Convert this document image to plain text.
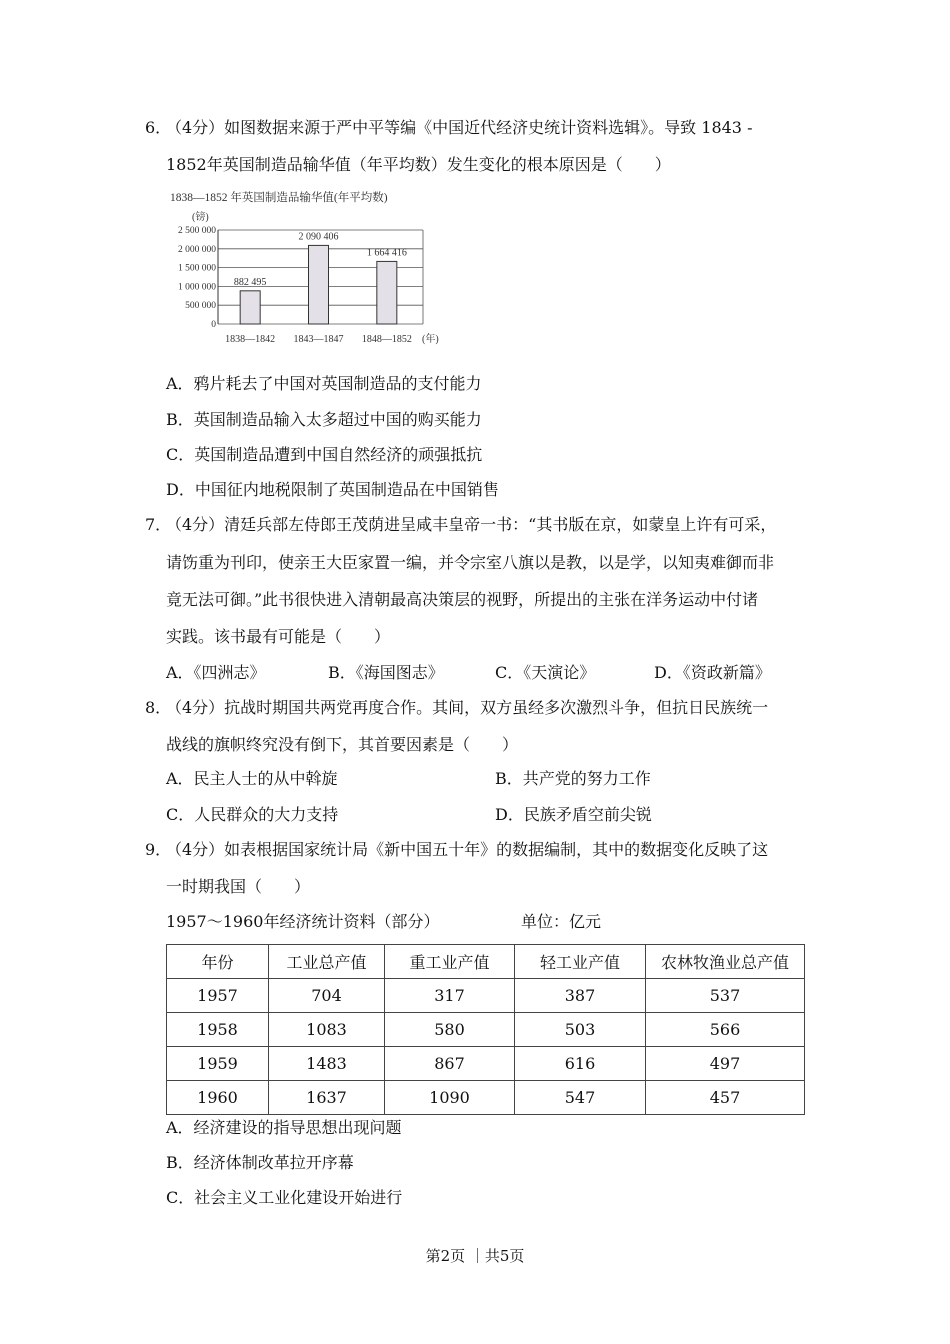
6．
（4分）如图数据来源于严中平等编《中国近代经济史统计资料选辑》。导致 1843 -
1852年英国制造品输华值（年平均数）发生变化的根本原因是（　　）
1838—1852 年英国制造品输华值(年平均数)
(镑)
0
500 000
1 000 000
1 500 000
2 000 000
2 500 000
882 495
1838—1842
2 090 406
1843—1847
1 664 416
1848—1852 (年)
A．鸦片耗去了中国对英国制造品的支付能力
B．英国制造品输入太多超过中国的购买能力
C．英国制造品遭到中国自然经济的顽强抵抗
D．中国征内地税限制了英国制造品在中国销售
7．
（4分）清廷兵部左侍郎王茂荫进呈咸丰皇帝一书：“其书版在京，如蒙皇上许有可采，
请饬重为刊印，使亲王大臣家置一编，并令宗室八旗以是教，以是学，以知夷难御而非
竟无法可御。”此书很快进入清朝最高决策层的视野，所提出的主张在洋务运动中付诸
实践。该书最有可能是（　　）
A．《四洲志》	B．《海国图志》	C．《天演论》	D．《资政新篇》
8．
（4分）抗战时期国共两党再度合作。其间，双方虽经多次激烈斗争，但抗日民族统一
战线的旗帜终究没有倒下，其首要因素是（　　）
A．民主人士的从中斡旋	B．共产党的努力工作
C．人民群众的大力支持	D．民族矛盾空前尖锐
9．
（4分）如表根据国家统计局《新中国五十年》的数据编制，其中的数据变化反映了这
一时期我国（　　）
1957～1960年经济统计资料（部分）	单位：亿元
年份	工业总产值	重工业产值	轻工业产值	农林牧渔业总产值
1957	704	317	387	537
1958	1083	580	503	566
1959	1483	867	616	497
1960	1637	1090	547	457
A．经济建设的指导思想出现问题
B．经济体制改革拉开序幕
C．社会主义工业化建设开始进行
第2页 ｜共5页
